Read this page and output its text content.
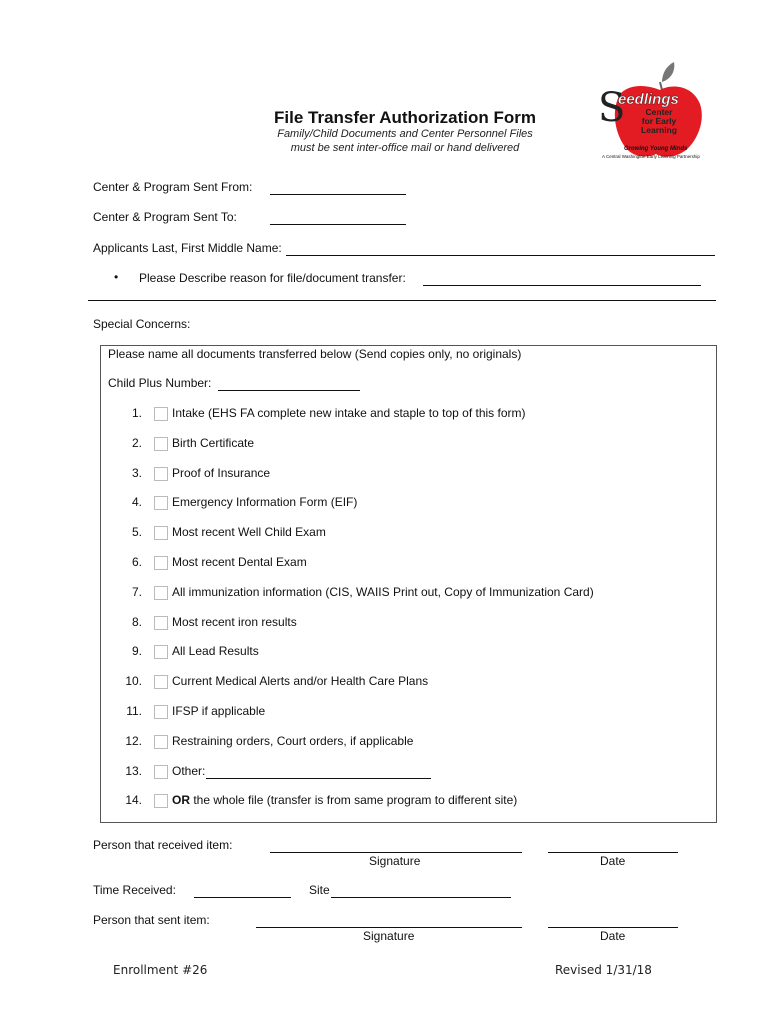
File Transfer Authorization Form
Family/Child Documents and Center Personnel Files
must be sent inter-office mail or hand delivered
S
eedlings
Center
for Early
Learning
Growing Young Minds
A Central Washington Early Learning Partnership
Center & Program Sent From:
Center & Program Sent To:
Applicants Last, First Middle Name:
• Please Describe reason for file/document transfer:
Special Concerns:
Please name all documents transferred below (Send copies only, no originals)
Child Plus Number:
1.	Intake (EHS FA complete new intake and staple to top of this form)
2.	Birth Certificate
3.	Proof of Insurance
4.	Emergency Information Form (EIF)
5.	Most recent Well Child Exam
6.	Most recent Dental Exam
7.	All immunization information (CIS, WAIIS Print out, Copy of Immunization Card)
8.	Most recent iron results
9.	All Lead Results
10.	Current Medical Alerts and/or Health Care Plans
11.	IFSP if applicable
12.	Restraining orders, Court orders, if applicable
13.	Other:
14.	OR the whole file (transfer is from same program to different site)
Person that received item:
Signature	Date
Time Received:	Site
Person that sent item:
Signature	Date
Enrollment #26	Revised 1/31/18
